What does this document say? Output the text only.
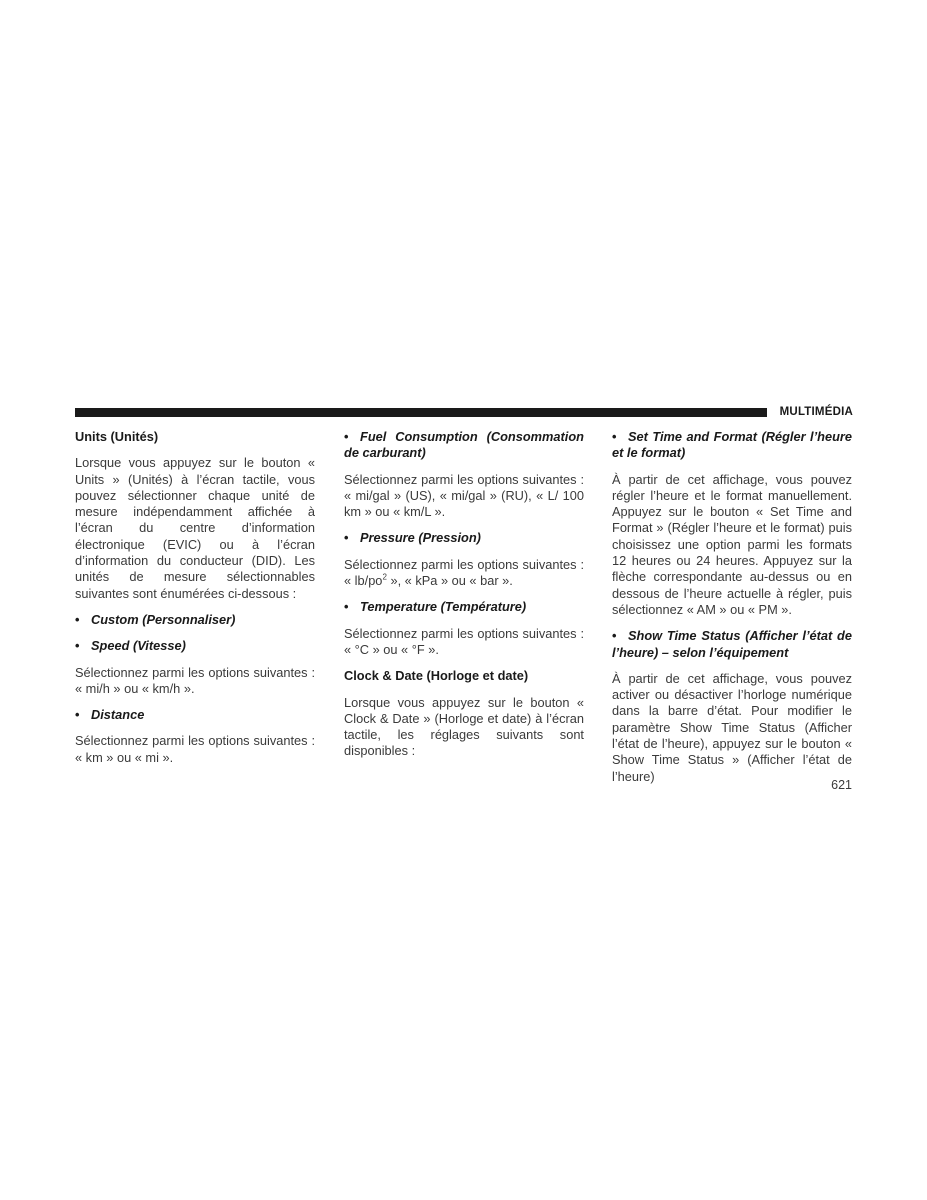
MULTIMÉDIA

Units (Unités)

Lorsque vous appuyez sur le bouton « Units » (Unités) à l’écran tactile, vous pouvez sélectionner chaque unité de mesure indépendamment affichée à l’écran du centre d’information électronique (EVIC) ou à l’écran d’information du conducteur (DID). Les unités de mesure sélectionnables suivantes sont énumérées ci-dessous :

• Custom (Personnaliser)

• Speed (Vitesse)

Sélectionnez parmi les options suivantes : « mi/h » ou « km/h ».

• Distance

Sélectionnez parmi les options suivantes : « km » ou « mi ».

• Fuel Consumption (Consommation de carburant)

Sélectionnez parmi les options suivantes : « mi/gal » (US), « mi/gal » (RU), « L/ 100 km » ou « km/L ».

• Pressure (Pression)

Sélectionnez parmi les options suivantes : « $lb/po^2$ », « kPa » ou « bar ».

• Temperature (Température)

Sélectionnez parmi les options suivantes : « °C » ou « °F ».

Clock & Date (Horloge et date)

Lorsque vous appuyez sur le bouton « Clock & Date » (Horloge et date) à l’écran tactile, les réglages suivants sont disponibles :

• Set Time and Format (Régler l’heure et le format)

À partir de cet affichage, vous pouvez régler l’heure et le format manuellement. Appuyez sur le bouton « Set Time and Format » (Régler l’heure et le format) puis choisissez une option parmi les formats 12 heures ou 24 heures. Appuyez sur la flèche correspondante au-dessus ou en dessous de l’heure actuelle à régler, puis sélectionnez « AM » ou « PM ».

• Show Time Status (Afficher l’état de l’heure) – selon l’équipement

À partir de cet affichage, vous pouvez activer ou désactiver l’horloge numérique dans la barre d’état. Pour modifier le paramètre Show Time Status (Afficher l’état de l’heure), appuyez sur le bouton « Show Time Status » (Afficher l’état de l’heure)

621
